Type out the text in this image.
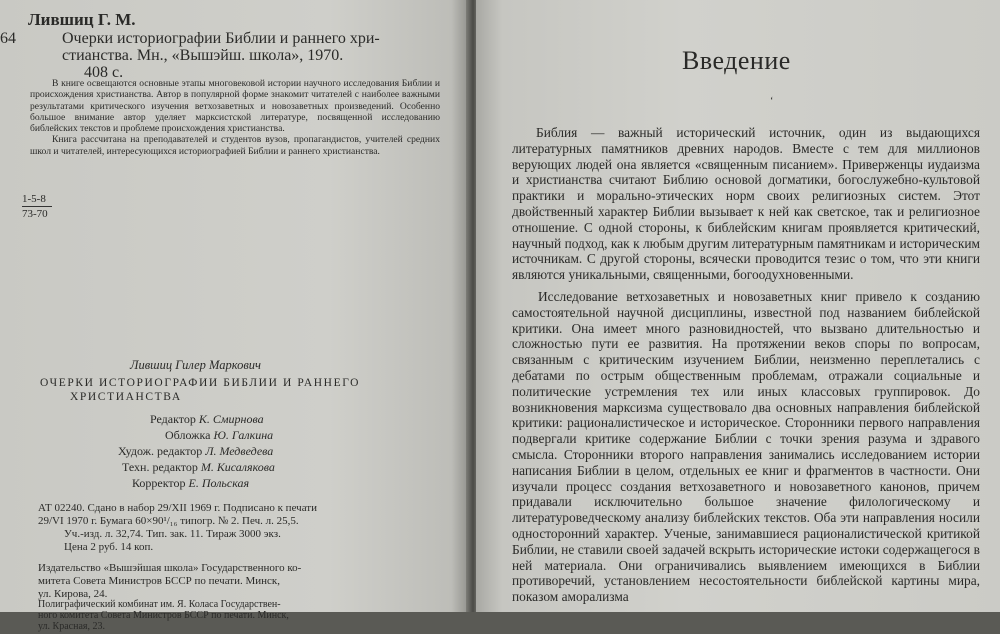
Лившиц Г. М.
64	Очерки историографии Библии и раннего хри-
стианства. Мн., «Вышэйш. школа», 1970.
408 с.

В книге освещаются основные этапы многовековой истории научного исследования Библии и происхождения христианства. Автор в популярной форме знакомит читателей с наиболее важными результатами критического изучения ветхозаветных и новозаветных произведений. Особенно большое внимание автор уделяет марксистской литературе, посвященной исследованию библейских текстов и проблеме происхождения христианства.

Книга рассчитана на преподавателей и студентов вузов, пропагандистов, учителей средних школ и читателей, интересующихся историографией Библии и раннего христианства.

1-5-8
73-70
Лившиц Гилер Маркович
ОЧЕРКИ ИСТОРИОГРАФИИ БИБЛИИ И РАННЕГО
ХРИСТИАНСТВА
Редактор К. Смирнова
Обложка Ю. Галкина
Худож. редактор Л. Медведева
Техн. редактор М. Кисалякова
Корректор Е. Польская
АТ 02240. Сдано в набор 29/XII 1969 г. Подписано к печати
29/VI 1970 г. Бумага 60×90¹/₁₆ типогр. № 2. Печ. л. 25,5.
Уч.-изд. л. 32,74. Тип. зак. 11. Тираж 3000 экз.
Цена 2 руб. 14 коп.
Издательство «Вышэйшая школа» Государственного ко-
митета Совета Министров БССР по печати. Минск,
ул. Кирова, 24.
Полиграфический комбинат им. Я. Коласа Государствен-
ного комитета Совета Министров БССР по печати. Минск,
ул. Красная, 23.
Введение
‘

Библия — важный исторический источник, один из выдающихся литературных памятников древних народов. Вместе с тем для миллионов верующих людей она является «священным писанием». Приверженцы иудаизма и христианства считают Библию основой догматики, богослужебно-культовой практики и морально-этических норм своих религиозных систем. Этот двойственный характер Библии вызывает к ней как светское, так и религиозное отношение. С одной стороны, к библейским книгам проявляется критический, научный подход, как к любым другим литературным памятникам и историческим источникам. С другой стороны, всячески проводится тезис о том, что эти книги являются уникальными, священными, богоодухновенными.

Исследование ветхозаветных и новозаветных книг привело к созданию самостоятельной научной дисциплины, известной под названием библейской критики. Она имеет много разновидностей, что вызвано длительностью и сложностью пути ее развития. На протяжении веков споры по вопросам, связанным с критическим изучением Библии, неизменно переплетались с дебатами по острым общественным проблемам, отражали социальные и политические устремления тех или иных классовых группировок. До возникновения марксизма существовало два основных направления библейской критики: рационалистическое и историческое. Сторонники первого направления подвергали критике содержание Библии с точки зрения разума и здравого смысла. Сторонники второго направления занимались исследованием истории написания Библии в целом, отдельных ее книг и фрагментов в частности. Они изучали процесс создания ветхозаветного и новозаветного канонов, причем придавали исключительно большое значение филологическому и литературоведческому анализу библейских текстов. Оба эти направления носили односторонний характер. Ученые, занимавшиеся рационалистической критикой Библии, не ставили своей задачей вскрыть исторические истоки содержащегося в ней материала. Они ограничивались выявлением имеющихся в Библии противоречий, установлением несостоятельности библейской картины мира, показом аморализма
